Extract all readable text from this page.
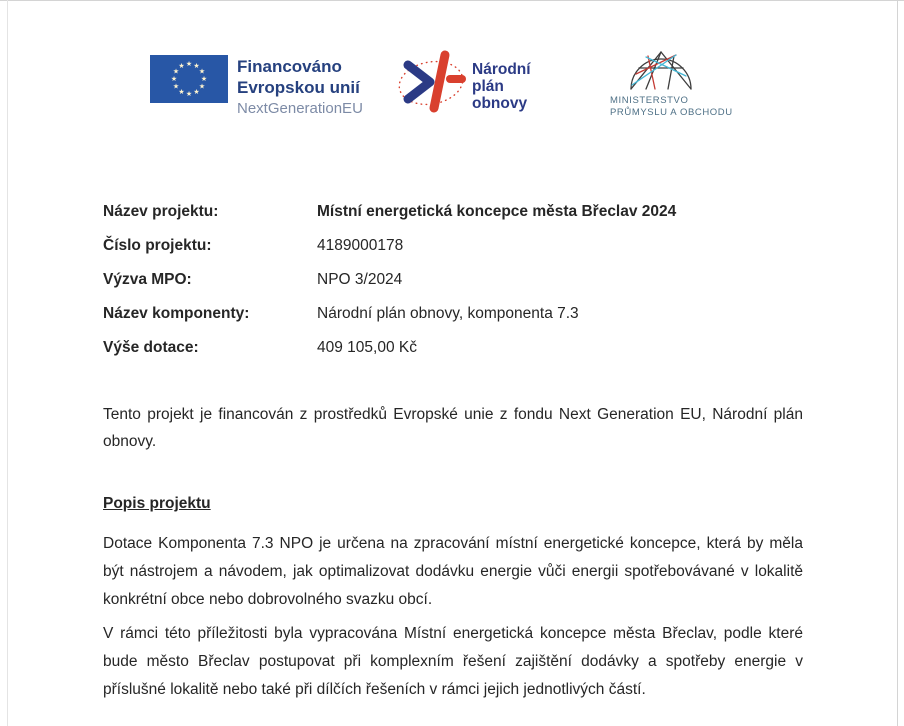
★ ★
★
★
★
★
★
★
★
★
★
★	Financováno
Evropskou unií
NextGenerationEU
Národní
plán
obnovy	MINISTERSTVO
PRŮMYSLU A OBCHODU
Název projektu:	Místní energetická koncepce města Břeclav 2024
Číslo projektu:	4189000178
Výzva MPO:	NPO 3/2024
Název komponenty:	Národní plán obnovy, komponenta 7.3
Výše dotace:	409 105,00 Kč
Tento projekt je financován z prostředků Evropské unie z fondu Next Generation EU, Národní plán obnovy.
Popis projektu
Dotace Komponenta 7.3 NPO je určena na zpracování místní energetické koncepce, která by měla být nástrojem a návodem, jak optimalizovat dodávku energie vůči energii spotřebovávané v lokalitě konkrétní obce nebo dobrovolného svazku obcí.
V rámci této příležitosti byla vypracována Místní energetická koncepce města Břeclav, podle které bude město Břeclav postupovat při komplexním řešení zajištění dodávky a spotřeby energie v příslušné lokalitě nebo také při dílčích řešeních v rámci jejich jednotlivých částí.
